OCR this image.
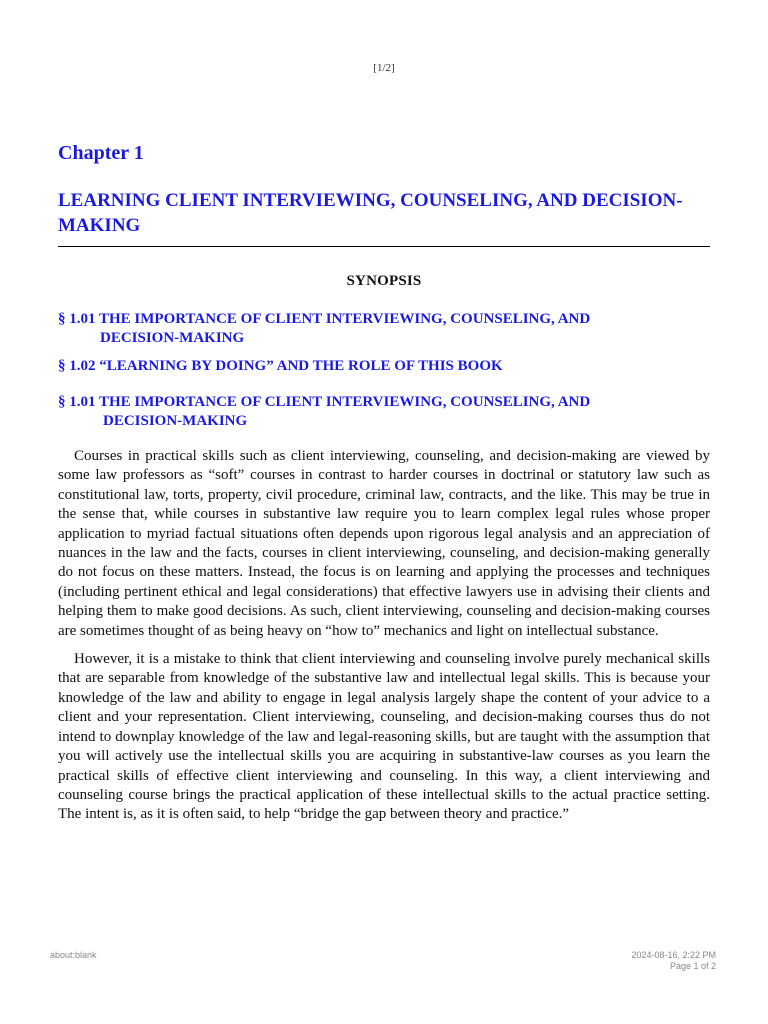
[1/2]
Chapter 1
LEARNING CLIENT INTERVIEWING, COUNSELING, AND DECISION-MAKING
SYNOPSIS
§ 1.01 THE IMPORTANCE OF CLIENT INTERVIEWING, COUNSELING, AND
DECISION-MAKING
§ 1.02 “LEARNING BY DOING” AND THE ROLE OF THIS BOOK
§ 1.01 THE IMPORTANCE OF CLIENT INTERVIEWING, COUNSELING, AND
DECISION-MAKING

Courses in practical skills such as client interviewing, counseling, and decision-making are viewed by some law professors as “soft” courses in contrast to harder courses in doctrinal or statutory law such as constitutional law, torts, property, civil procedure, criminal law, contracts, and the like. This may be true in the sense that, while courses in substantive law require you to learn complex legal rules whose proper application to myriad factual situations often depends upon rigorous legal analysis and an appreciation of nuances in the law and the facts, courses in client interviewing, counseling, and decision-making generally do not focus on these matters. Instead, the focus is on learning and applying the processes and techniques (including pertinent ethical and legal considerations) that effective lawyers use in advising their clients and helping them to make good decisions. As such, client interviewing, counseling and decision-making courses are sometimes thought of as being heavy on “how to” mechanics and light on intellectual substance.

However, it is a mistake to think that client interviewing and counseling involve purely mechanical skills that are separable from knowledge of the substantive law and intellectual legal skills. This is because your knowledge of the law and ability to engage in legal analysis largely shape the content of your advice to a client and your representation. Client interviewing, counseling, and decision-making courses thus do not intend to downplay knowledge of the law and legal-reasoning skills, but are taught with the assumption that you will actively use the intellectual skills you are acquiring in substantive-law courses as you learn the practical skills of effective client interviewing and counseling. In this way, a client interviewing and counseling course brings the practical application of these intellectual skills to the actual practice setting. The intent is, as it is often said, to help “bridge the gap between theory and practice.”

about:blank	2024-08-16, 2:22 PM
Page 1 of 2
